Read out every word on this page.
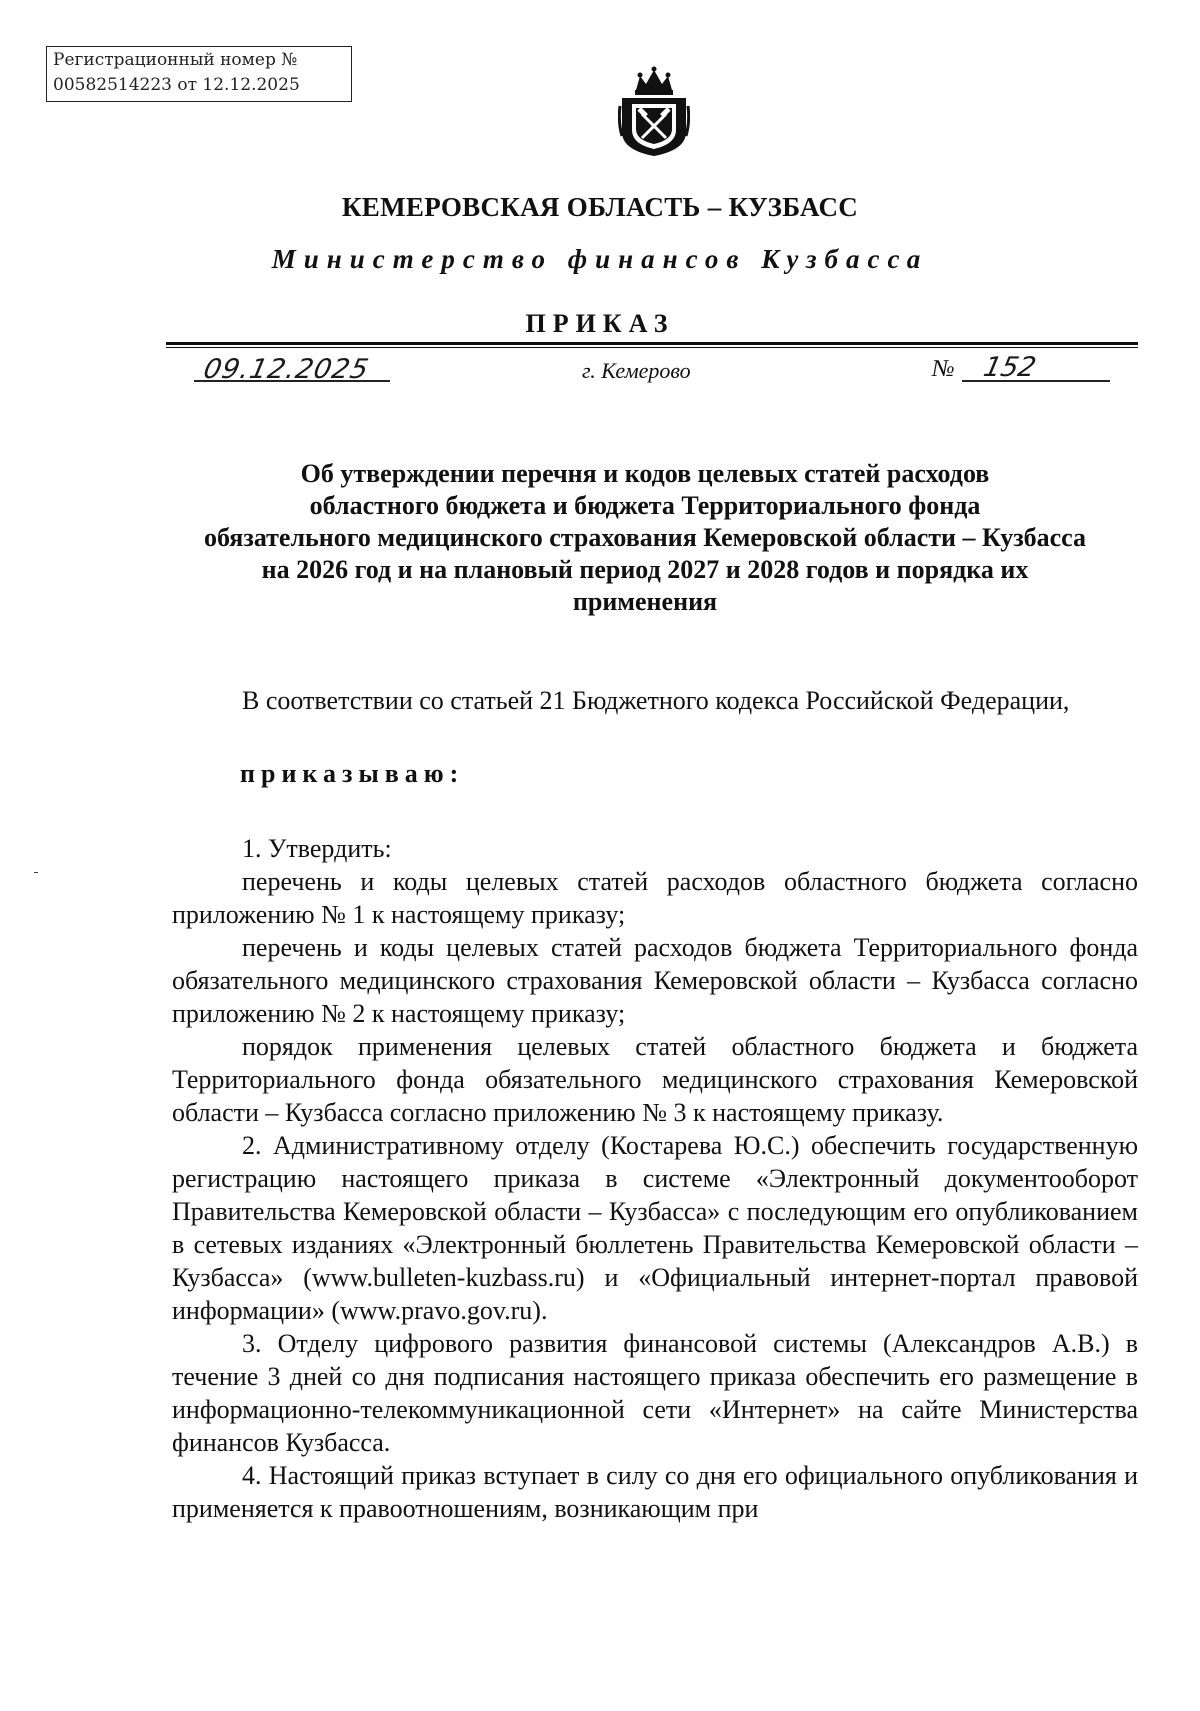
Регистрационный номер №
00582514223 от 12.12.2025
КЕМЕРОВСКАЯ ОБЛАСТЬ – КУЗБАСС
Министерство финансов Кузбасса
ПРИКАЗ
09.12.2025	г. Кемерово	№ 152
Об утверждении перечня и кодов целевых статей расходов
областного бюджета и бюджета Территориального фонда
обязательного медицинского страхования Кемеровской области – Кузбасса
на 2026 год и на плановый период 2027 и 2028 годов и порядка их
применения

В соответствии со статьей 21 Бюджетного кодекса Российской Федерации,

приказываю:

1. Утвердить:

перечень и коды целевых статей расходов областного бюджета согласно приложению № 1 к настоящему приказу;

перечень и коды целевых статей расходов бюджета Территориального фонда обязательного медицинского страхования Кемеровской области – Кузбасса согласно приложению № 2 к настоящему приказу;

порядок применения целевых статей областного бюджета и бюджета Территориального фонда обязательного медицинского страхования Кемеровской области – Кузбасса согласно приложению № 3 к настоящему приказу.

2. Административному отделу (Костарева Ю.С.) обеспечить государственную регистрацию настоящего приказа в системе «Электронный документооборот Правительства Кемеровской области – Кузбасса» с последующим его опубликованием в сетевых изданиях «Электронный бюллетень Правительства Кемеровской области – Кузбасса» (www.bulleten-kuzbass.ru) и «Официальный интернет-портал правовой информации» (www.pravo.gov.ru).

3. Отделу цифрового развития финансовой системы (Александров А.В.) в течение 3 дней со дня подписания настоящего приказа обеспечить его размещение в информационно-телекоммуникационной сети «Интернет» на сайте Министерства финансов Кузбасса.

4. Настоящий приказ вступает в силу со дня его официального опубликования и применяется к правоотношениям, возникающим при
